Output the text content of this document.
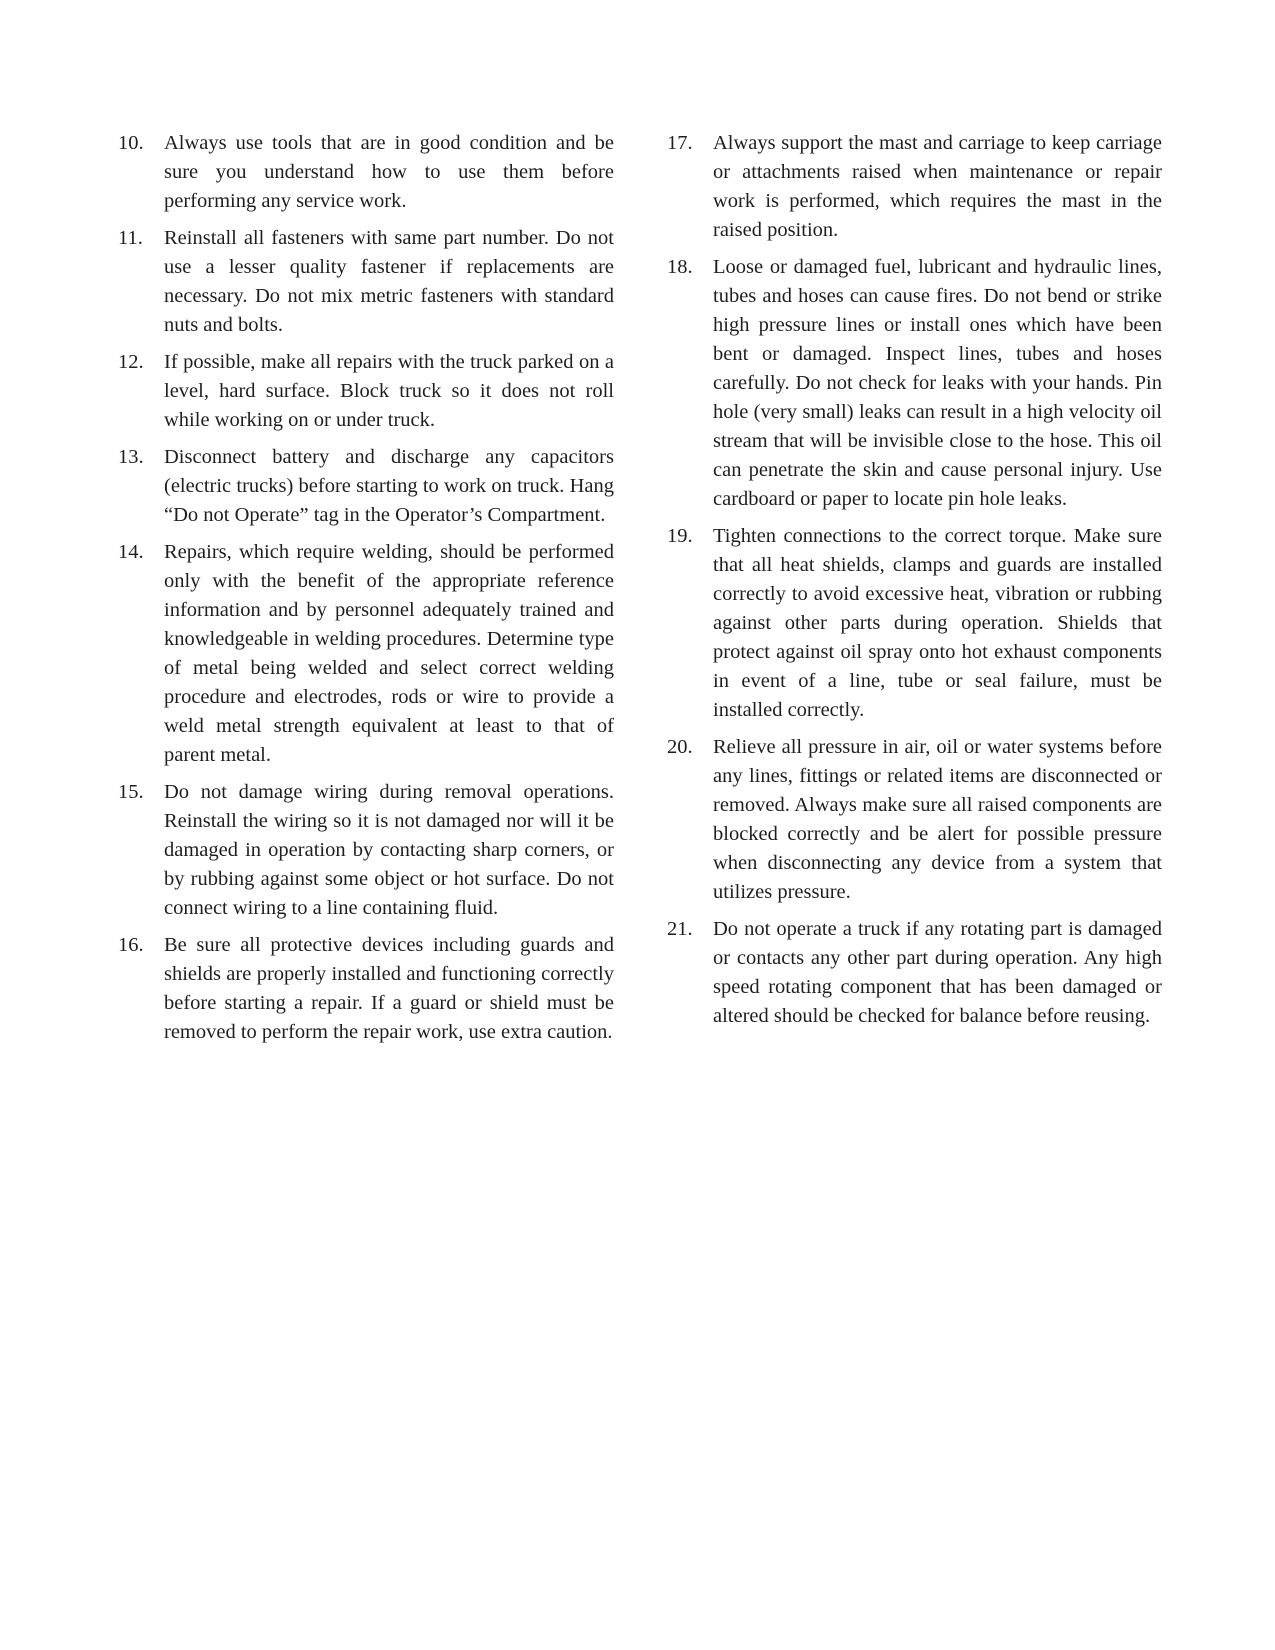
10. Always use tools that are in good condition and be sure you understand how to use them before performing any service work.
11.	Reinstall all fasteners with same part number. Do not use a lesser quality fastener if replacements are necessary. Do not mix metric fasteners with standard nuts and bolts.
12. If possible, make all repairs with the truck parked on a level, hard surface. Block truck so it does not roll while working on or under truck.
13. Disconnect battery and discharge any capacitors (electric trucks) before starting to work on truck. Hang “Do not Operate” tag in the Operator’s Compartment.
14. Repairs, which require welding, should be performed only with the benefit of the appropriate reference information and by personnel adequately trained and knowledgeable in welding procedures. Determine type of metal being welded and select correct welding procedure and electrodes, rods or wire to provide a weld metal strength equivalent at least to that of parent metal.
15. Do not damage wiring during removal operations. Reinstall the wiring so it is not damaged nor will it be damaged in operation by contacting sharp corners, or by rubbing against some object or hot surface. Do not connect wiring to a line containing fluid.
16. Be sure all protective devices including guards and shields are properly installed and functioning correctly before starting a repair. If a guard or shield must be removed to perform the repair work, use extra caution.
17. Always support the mast and carriage to keep carriage or attachments raised when maintenance or repair work is performed, which requires the mast in the raised position.
18. Loose or damaged fuel, lubricant and hydraulic lines, tubes and hoses can cause fires. Do not bend or strike high pressure lines or install ones which have been bent or damaged. Inspect lines, tubes and hoses carefully. Do not check for leaks with your hands. Pin hole (very small) leaks can result in a high velocity oil stream that will be invisible close to the hose. This oil can penetrate the skin and cause personal injury. Use cardboard or paper to locate pin hole leaks.
19. Tighten connections to the correct torque. Make sure that all heat shields, clamps and guards are installed correctly to avoid excessive heat, vibration or rubbing against other parts during operation. Shields that protect against oil spray onto hot exhaust components in event of a line, tube or seal failure, must be installed correctly.
20. Relieve all pressure in air, oil or water systems before any lines, fittings or related items are disconnected or removed. Always make sure all raised components are blocked correctly and be alert for possible pressure when disconnecting any device from a system that utilizes pressure.
21. Do not operate a truck if any rotating part is damaged or contacts any other part during operation. Any high speed rotating component that has been damaged or altered should be checked for balance before reusing.
